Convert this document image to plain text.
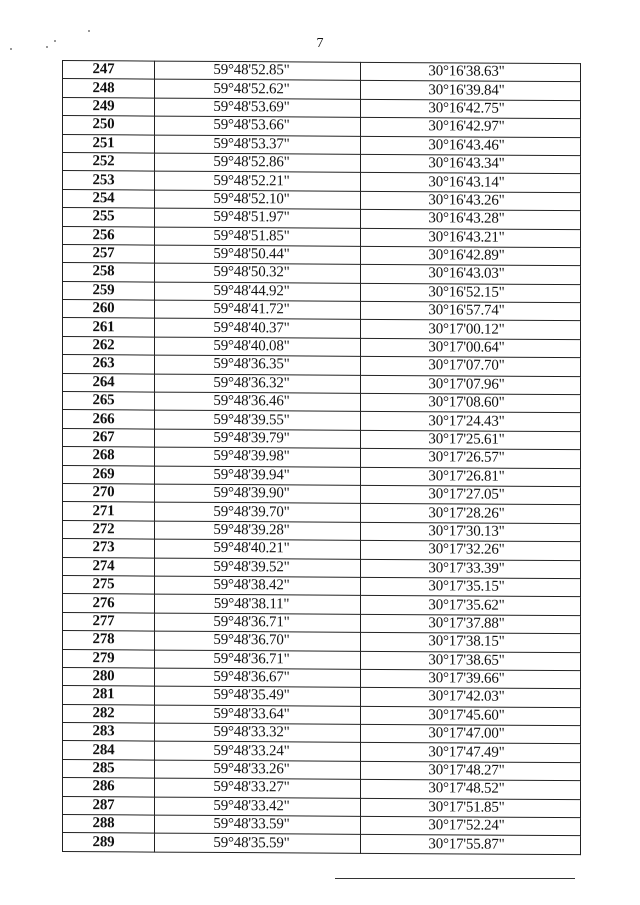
7
247	59°48'52.85"	30°16'38.63"
248	59°48'52.62"	30°16'39.84"
249	59°48'53.69"	30°16'42.75"
250	59°48'53.66"	30°16'42.97"
251	59°48'53.37"	30°16'43.46"
252	59°48'52.86"	30°16'43.34"
253	59°48'52.21"	30°16'43.14"
254	59°48'52.10"	30°16'43.26"
255	59°48'51.97"	30°16'43.28"
256	59°48'51.85"	30°16'43.21"
257	59°48'50.44"	30°16'42.89"
258	59°48'50.32"	30°16'43.03"
259	59°48'44.92"	30°16'52.15"
260	59°48'41.72"	30°16'57.74"
261	59°48'40.37"	30°17'00.12"
262	59°48'40.08"	30°17'00.64"
263	59°48'36.35"	30°17'07.70"
264	59°48'36.32"	30°17'07.96"
265	59°48'36.46"	30°17'08.60"
266	59°48'39.55"	30°17'24.43"
267	59°48'39.79"	30°17'25.61"
268	59°48'39.98"	30°17'26.57"
269	59°48'39.94"	30°17'26.81"
270	59°48'39.90"	30°17'27.05"
271	59°48'39.70"	30°17'28.26"
272	59°48'39.28"	30°17'30.13"
273	59°48'40.21"	30°17'32.26"
274	59°48'39.52"	30°17'33.39"
275	59°48'38.42"	30°17'35.15"
276	59°48'38.11"	30°17'35.62"
277	59°48'36.71"	30°17'37.88"
278	59°48'36.70"	30°17'38.15"
279	59°48'36.71"	30°17'38.65"
280	59°48'36.67"	30°17'39.66"
281	59°48'35.49"	30°17'42.03"
282	59°48'33.64"	30°17'45.60"
283	59°48'33.32"	30°17'47.00"
284	59°48'33.24"	30°17'47.49"
285	59°48'33.26"	30°17'48.27"
286	59°48'33.27"	30°17'48.52"
287	59°48'33.42"	30°17'51.85"
288	59°48'33.59"	30°17'52.24"
289	59°48'35.59"	30°17'55.87"
